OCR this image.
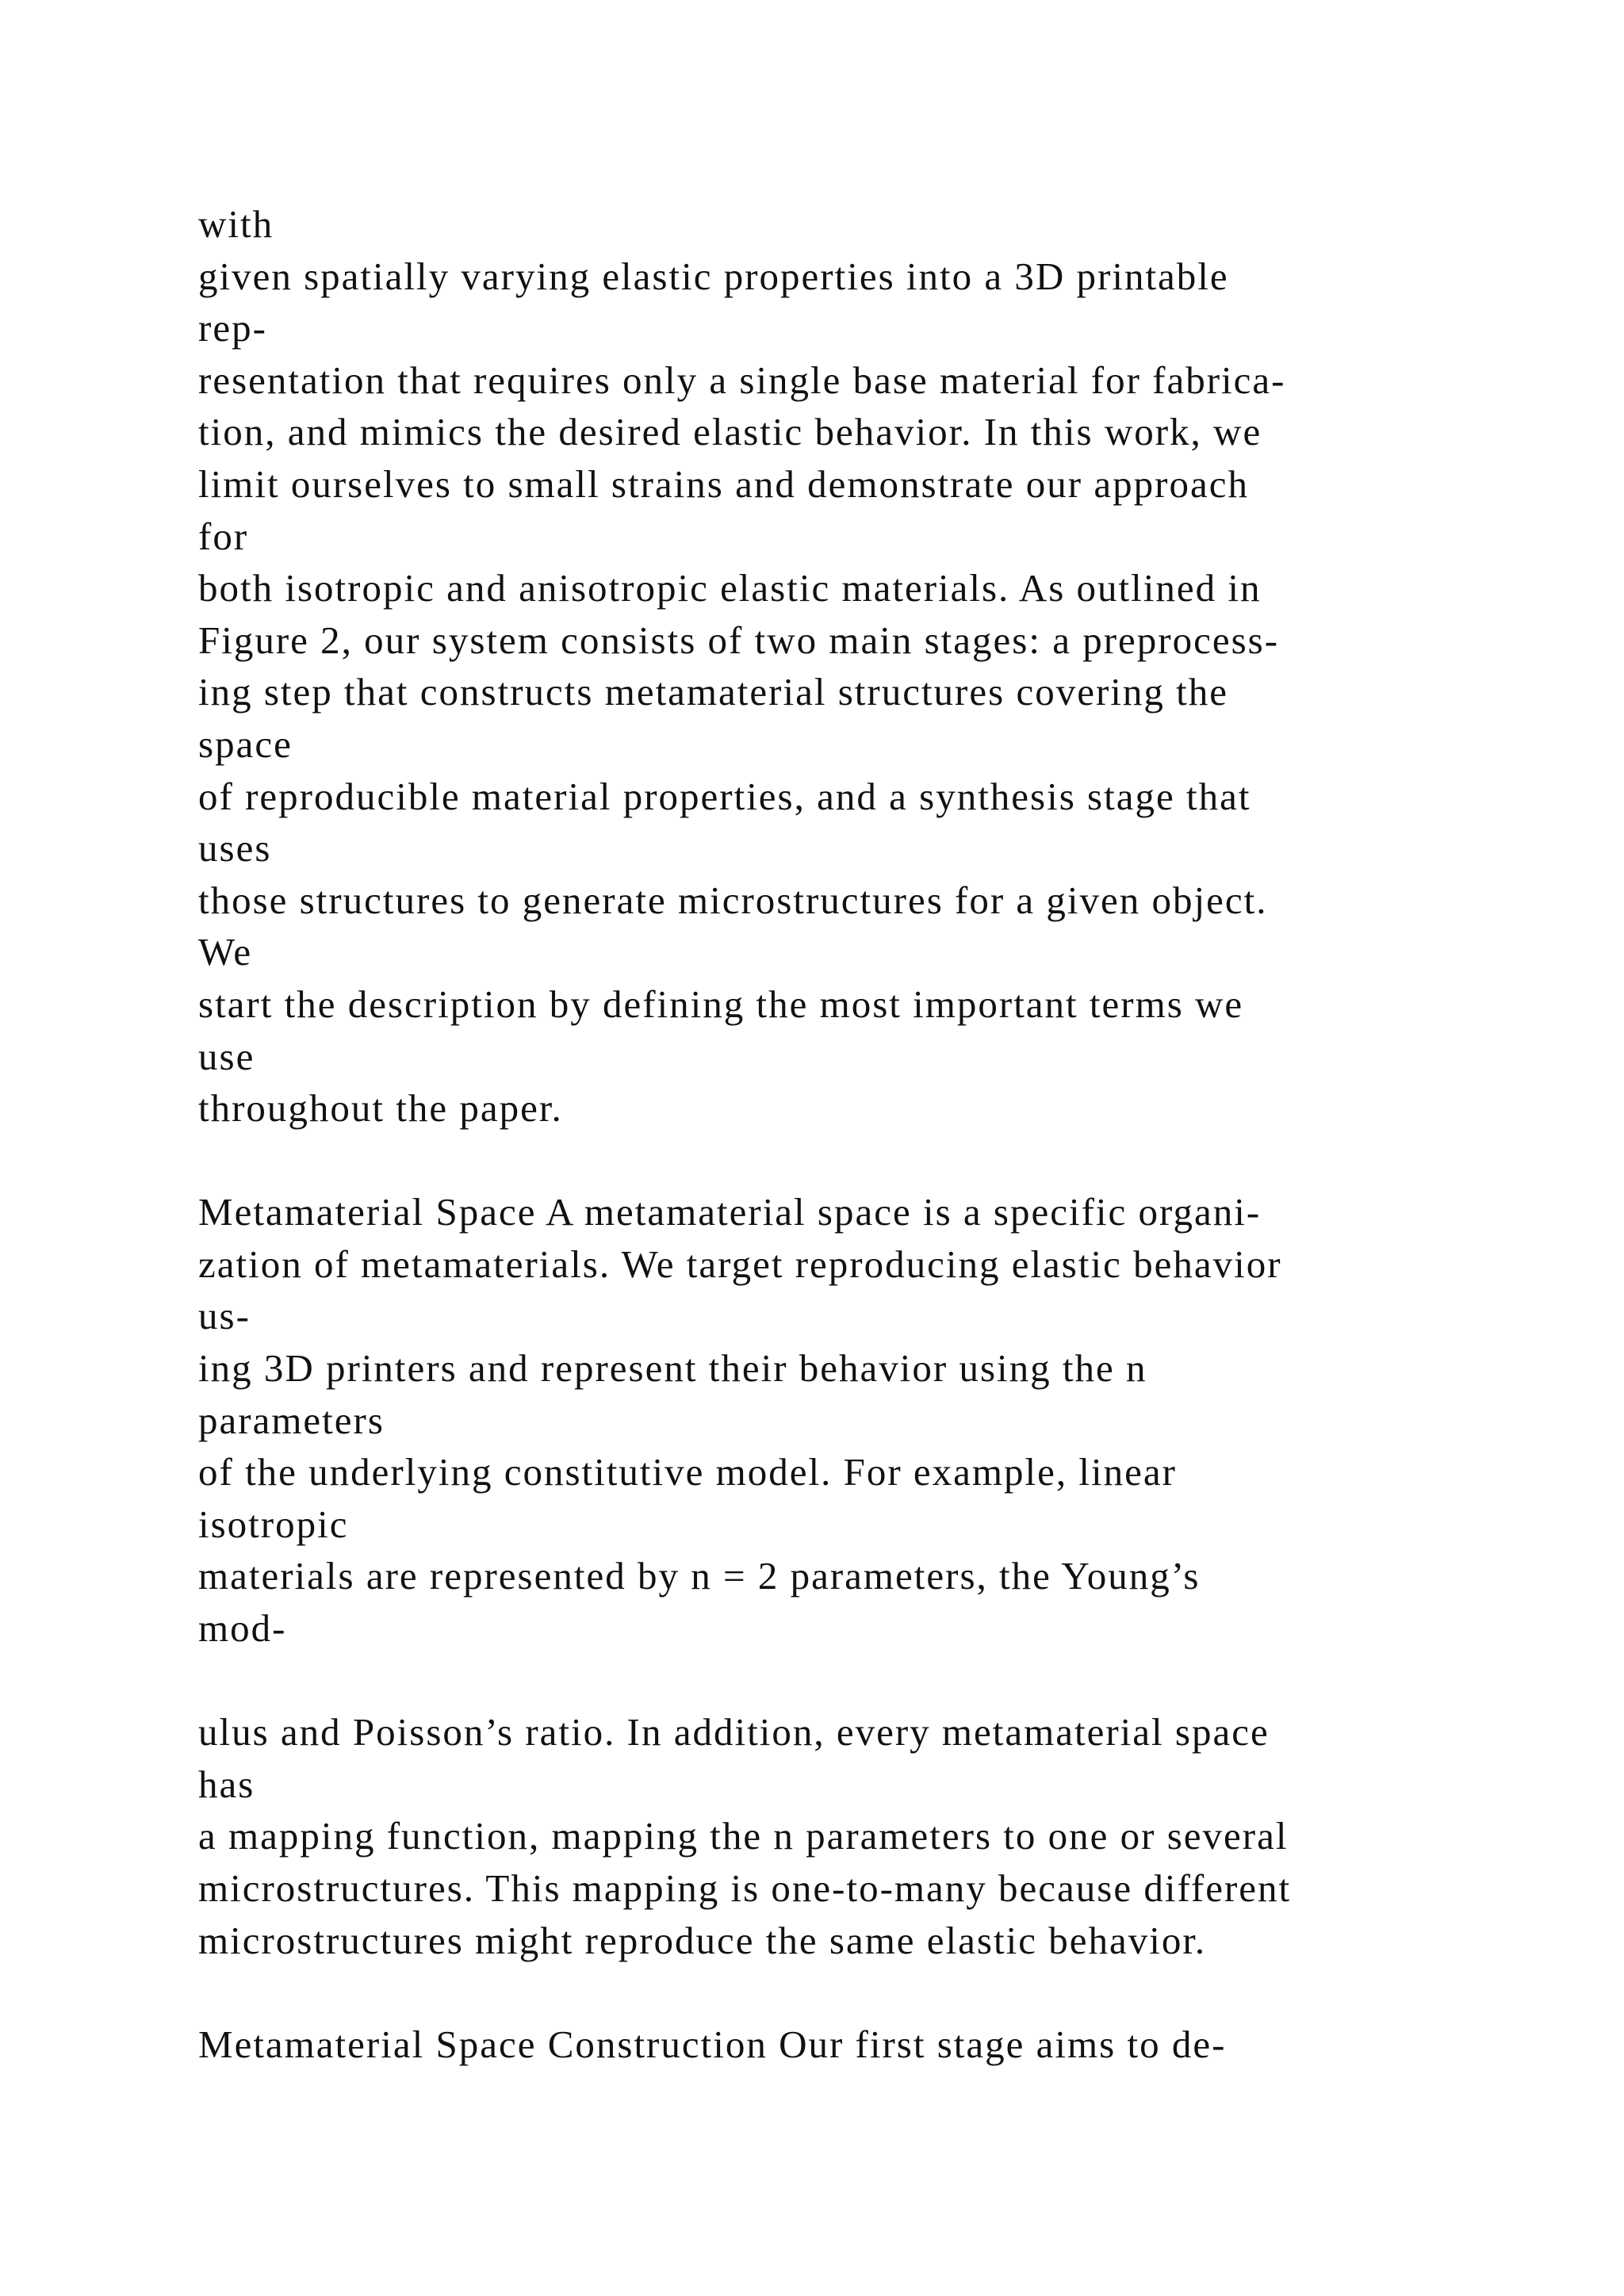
with
given spatially varying elastic properties into a 3D printable
rep-
resentation that requires only a single base material for fabrica-
tion, and mimics the desired elastic behavior. In this work, we
limit ourselves to small strains and demonstrate our approach
for
both isotropic and anisotropic elastic materials. As outlined in
Figure 2, our system consists of two main stages: a preprocess-
ing step that constructs metamaterial structures covering the
space
of reproducible material properties, and a synthesis stage that
uses
those structures to generate microstructures for a given object.
We
start the description by defining the most important terms we
use
throughout the paper.
Metamaterial Space A metamaterial space is a specific organi-
zation of metamaterials. We target reproducing elastic behavior
us-
ing 3D printers and represent their behavior using the n
parameters
of the underlying constitutive model. For example, linear
isotropic
materials are represented by n = 2 parameters, the Young’s
mod-
ulus and Poisson’s ratio. In addition, every metamaterial space
has
a mapping function, mapping the n parameters to one or several
microstructures. This mapping is one-to-many because different
microstructures might reproduce the same elastic behavior.
Metamaterial Space Construction Our first stage aims to de-
